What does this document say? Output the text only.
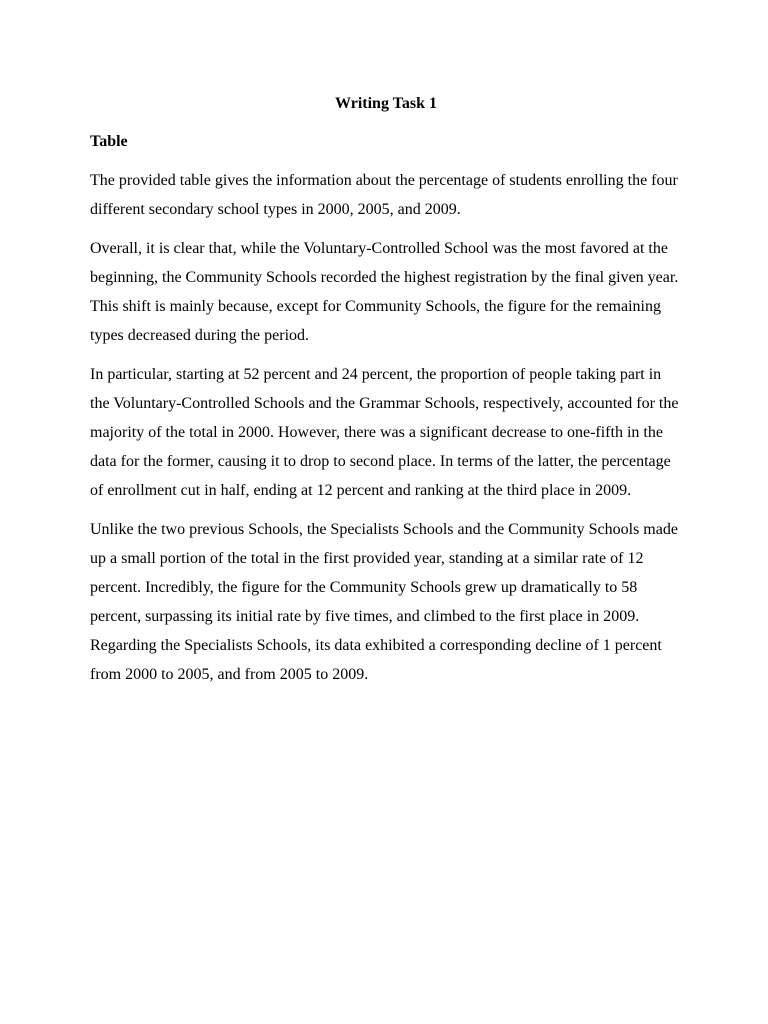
Writing Task 1
Table

The provided table gives the information about the percentage of students enrolling the four different secondary school types in 2000, 2005, and 2009.

Overall, it is clear that, while the Voluntary-Controlled School was the most favored at the beginning, the Community Schools recorded the highest registration by the final given year. This shift is mainly because, except for Community Schools, the figure for the remaining types decreased during the period.

In particular, starting at 52 percent and 24 percent, the proportion of people taking part in the Voluntary-Controlled Schools and the Grammar Schools, respectively, accounted for the majority of the total in 2000. However, there was a significant decrease to one-fifth in the data for the former, causing it to drop to second place. In terms of the latter, the percentage of enrollment cut in half, ending at 12 percent and ranking at the third place in 2009.

Unlike the two previous Schools, the Specialists Schools and the Community Schools made up a small portion of the total in the first provided year, standing at a similar rate of 12 percent. Incredibly, the figure for the Community Schools grew up dramatically to 58 percent, surpassing its initial rate by five times, and climbed to the first place in 2009. Regarding the Specialists Schools, its data exhibited a corresponding decline of 1 percent from 2000 to 2005, and from 2005 to 2009.
